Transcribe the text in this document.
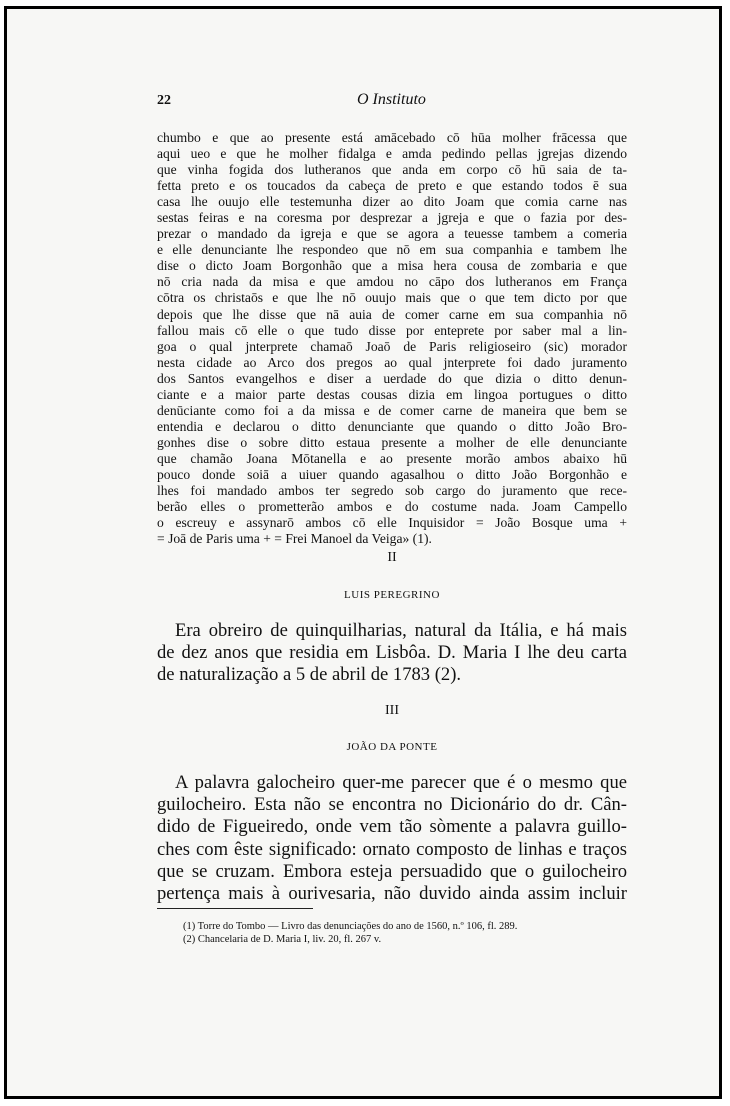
22	O Instituto
chumbo e que ao presente está amācebado cō hūa molher frācessa que
aqui ueo e que he molher fidalga e amda pedindo pellas jgrejas dizendo
que vinha fogida dos lutheranos que anda em corpo cō hū saia de ta-
fetta preto e os toucados da cabeça de preto e que estando todos ē sua
casa lhe ouujo elle testemunha dizer ao dito Joam que comia carne nas
sestas feiras e na coresma por desprezar a jgreja e que o fazia por des-
prezar o mandado da igreja e que se agora a teuesse tambem a comeria
e elle denunciante lhe respondeo que nō em sua companhia e tambem lhe
dise o dicto Joam Borgonhão que a misa hera cousa de zombaria e que
nō cria nada da misa e que amdou no cāpo dos lutheranos em França
cōtra os christaōs e que lhe nō ouujo mais que o que tem dicto por que
depois que lhe disse que nā auia de comer carne em sua companhia nō
fallou mais cō elle o que tudo disse por enteprete por saber mal a lin-
goa o qual jnterprete chamaō Joaō de Paris religioseiro (sic) morador
nesta cidade ao Arco dos pregos ao qual jnterprete foi dado juramento
dos Santos evangelhos e diser a uerdade do que dizia o ditto denun-
ciante e a maior parte destas cousas dizia em lingoa portugues o ditto
denūciante como foi a da missa e de comer carne de maneira que bem se
entendia e declarou o ditto denunciante que quando o ditto João Bro-
gonhes dise o sobre ditto estaua presente a molher de elle denunciante
que chamão Joana Mōtanella e ao presente morão ambos abaixo hū
pouco donde soiā a uiuer quando agasalhou o ditto João Borgonhão e
lhes foi mandado ambos ter segredo sob cargo do juramento que rece-
berão elles o prometterão ambos e do costume nada. Joam Campello
o escreuy e assynarō ambos cō elle Inquisidor = João Bosque uma +
= Joā de Paris uma + = Frei Manoel da Veiga» (1).
II
LUIS PEREGRINO
Era obreiro de quinquilharias, natural da Itália, e há mais
de dez anos que residia em Lisbôa. D. Maria I lhe deu carta
de naturalização a 5 de abril de 1783 (2).
III
JOÃO DA PONTE
A palavra galocheiro quer-me parecer que é o mesmo que
guilocheiro. Esta não se encontra no Dicionário do dr. Cân-
dido de Figueiredo, onde vem tão sòmente a palavra guillo-
ches com êste significado: ornato composto de linhas e traços
que se cruzam. Embora esteja persuadido que o guilocheiro
pertença mais à ourivesaria, não duvido ainda assim incluir
(1) Torre do Tombo — Livro das denunciações do ano de 1560, n.º 106, fl. 289.
(2) Chancelaria de D. Maria I, liv. 20, fl. 267 v.
